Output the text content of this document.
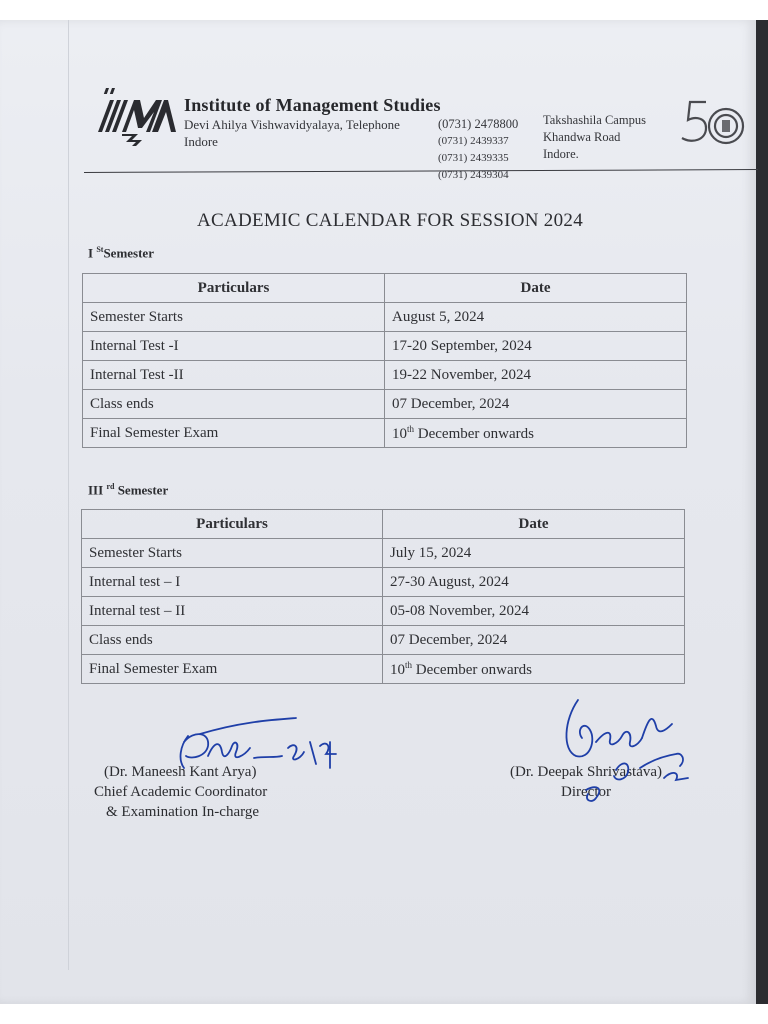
Institute of Management Studies
Devi Ahilya Vishwavidyalaya, Telephone
Indore
(0731) 2478800
(0731) 2439337
(0731) 2439335
(0731) 2439304
Takshashila Campus
Khandwa Road
Indore.
ACADEMIC CALENDAR FOR SESSION 2024
I $^{St}$Semester
Particulars	Date
Semester Starts	August 5, 2024
Internal Test -I	17-20 September, 2024
Internal Test -II	19-22 November, 2024
Class ends	07 December, 2024
Final Semester Exam	10th December onwards
III $^{rd}$ Semester
Particulars	Date
Semester Starts	July 15, 2024
Internal test – I	27-30 August, 2024
Internal test – II	05-08 November, 2024
Class ends	07 December, 2024
Final Semester Exam	10th December onwards
(Dr. Maneesh Kant Arya)
Chief Academic Coordinator
& Examination In-charge
(Dr. Deepak Shrivastava)
Director
